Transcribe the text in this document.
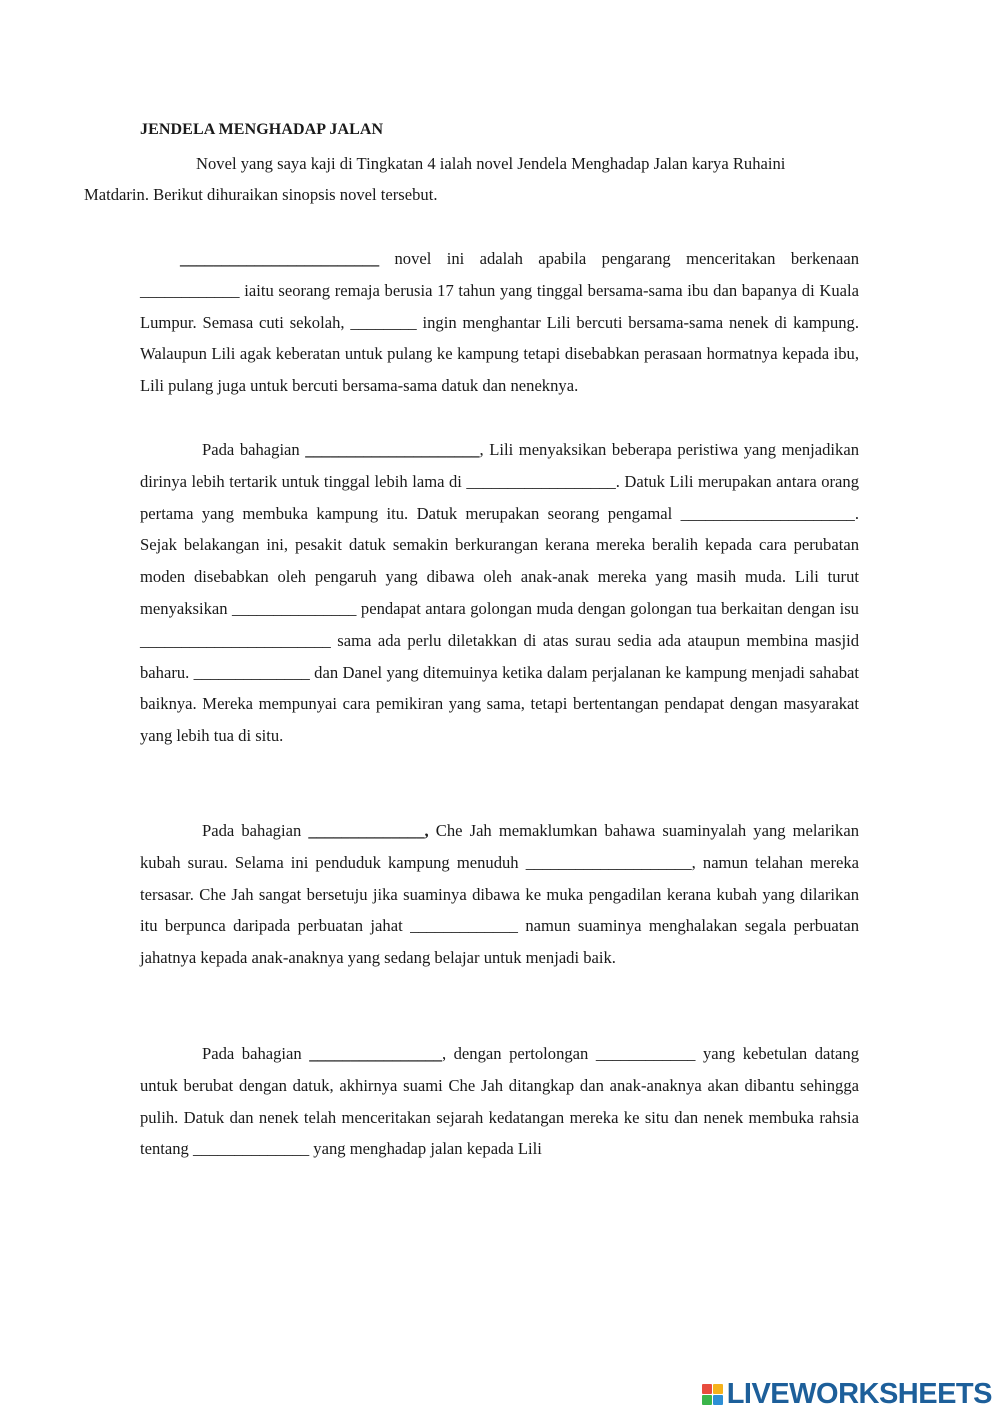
JENDELA MENGHADAP JALAN
Novel yang saya kaji di Tingkatan 4 ialah novel Jendela Menghadap Jalan karya Ruhaini
Matdarin. Berikut dihuraikan sinopsis novel tersebut.
________________________ novel ini adalah apabila pengarang menceritakan berkenaan ____________ iaitu seorang remaja berusia 17 tahun yang tinggal bersama-sama ibu dan bapanya di Kuala Lumpur. Semasa cuti sekolah, ________ ingin menghantar Lili bercuti bersama-sama nenek di kampung. Walaupun Lili agak keberatan untuk pulang ke kampung tetapi disebabkan perasaan hormatnya kepada ibu, Lili pulang juga untuk bercuti bersama-sama datuk dan neneknya.
Pada bahagian _____________________, Lili menyaksikan beberapa peristiwa yang menjadikan dirinya lebih tertarik untuk tinggal lebih lama di __________________. Datuk Lili merupakan antara orang pertama yang membuka kampung itu. Datuk merupakan seorang pengamal _____________________. Sejak belakangan ini, pesakit datuk semakin berkurangan kerana mereka beralih kepada cara perubatan moden disebabkan oleh pengaruh yang dibawa oleh anak-anak mereka yang masih muda. Lili turut menyaksikan _______________ pendapat antara golongan muda dengan golongan tua berkaitan dengan isu _______________________ sama ada perlu diletakkan di atas surau sedia ada ataupun membina masjid baharu. ______________ dan Danel yang ditemuinya ketika dalam perjalanan ke kampung menjadi sahabat baiknya. Mereka mempunyai cara pemikiran yang sama, tetapi bertentangan pendapat dengan masyarakat yang lebih tua di situ.
Pada bahagian ______________, Che Jah memaklumkan bahawa suaminyalah yang melarikan kubah surau. Selama ini penduduk kampung menuduh ____________________, namun telahan mereka tersasar. Che Jah sangat bersetuju jika suaminya dibawa ke muka pengadilan kerana kubah yang dilarikan itu berpunca daripada perbuatan jahat _____________ namun suaminya menghalakan segala perbuatan jahatnya kepada anak-anaknya yang sedang belajar untuk menjadi baik.
Pada bahagian ________________, dengan pertolongan ____________ yang kebetulan datang untuk berubat dengan datuk, akhirnya suami Che Jah ditangkap dan anak-anaknya akan dibantu sehingga pulih. Datuk dan nenek telah menceritakan sejarah kedatangan mereka ke situ dan nenek membuka rahsia tentang ______________ yang menghadap jalan kepada Lili
LIVEWORKSHEETS
